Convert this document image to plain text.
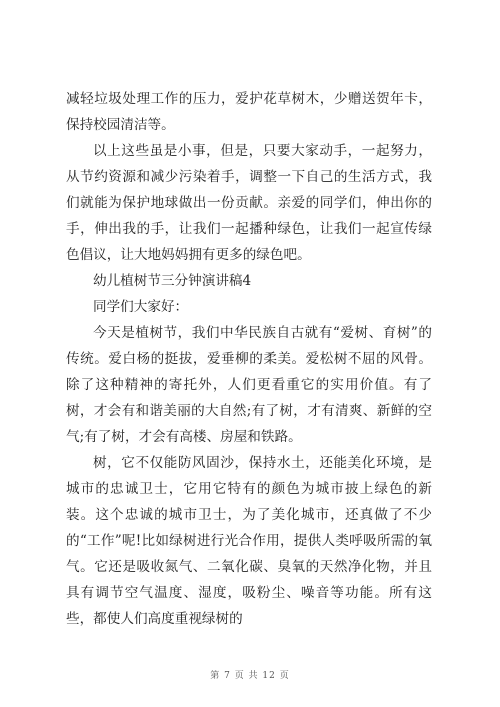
减轻垃圾处理工作的压力，爱护花草树木，少赠送贺年卡，保持校园清洁等。

以上这些虽是小事，但是，只要大家动手，一起努力，从节约资源和减少污染着手，调整一下自己的生活方式，我们就能为保护地球做出一份贡献。亲爱的同学们，伸出你的手，伸出我的手，让我们一起播种绿色，让我们一起宣传绿色倡议，让大地妈妈拥有更多的绿色吧。

幼儿植树节三分钟演讲稿4

同学们大家好：

今天是植树节，我们中华民族自古就有“爱树、育树”的传统。爱白杨的挺拔，爱垂柳的柔美。爱松树不屈的风骨。除了这种精神的寄托外，人们更看重它的实用价值。有了树，才会有和谐美丽的大自然;有了树，才有清爽、新鲜的空气;有了树，才会有高楼、房屋和铁路。

树，它不仅能防风固沙，保持水土，还能美化环境，是城市的忠诚卫士，它用它特有的颜色为城市披上绿色的新装。这个忠诚的城市卫士，为了美化城市，还真做了不少的“工作”呢!比如绿树进行光合作用，提供人类呼吸所需的氧气。它还是吸收氮气、二氧化碳、臭氧的天然净化物，并且具有调节空气温度、湿度，吸粉尘、噪音等功能。所有这些，都使人们高度重视绿树的

第 7 页 共 12 页
